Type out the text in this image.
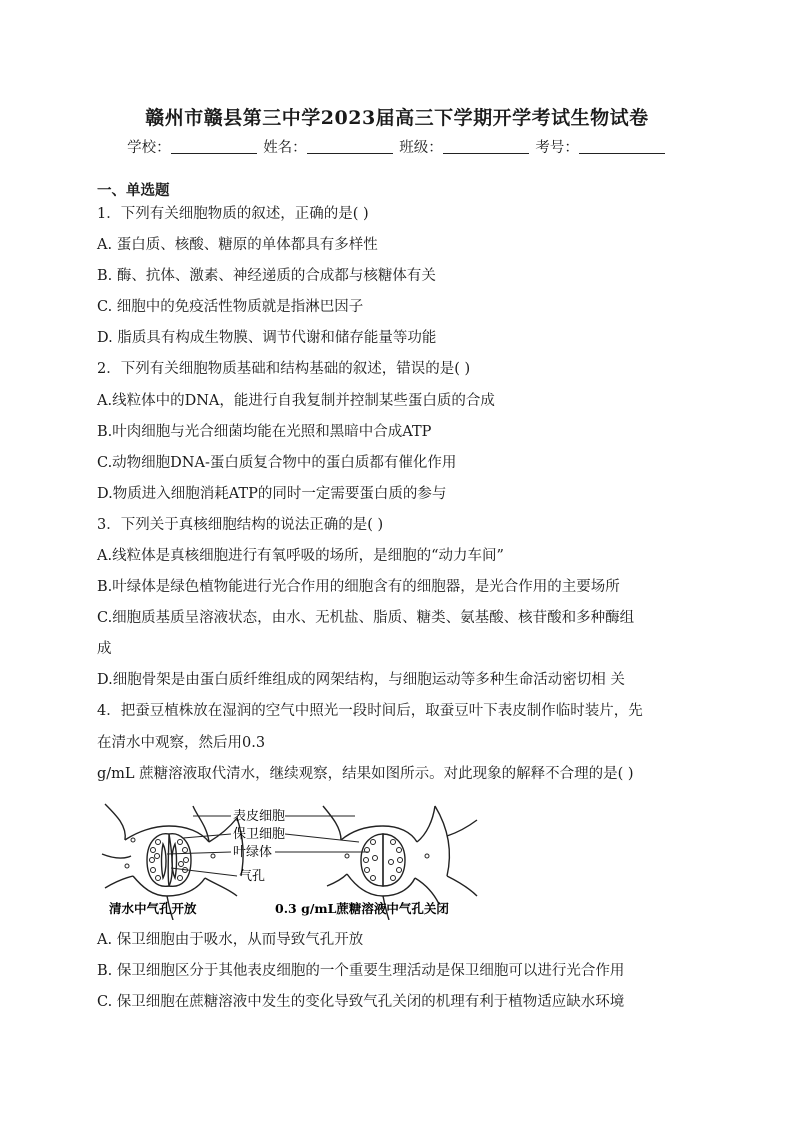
赣州市赣县第三中学2023届高三下学期开学考试生物试卷
学校：	姓名：	班级：	考号：
一、单选题
1．下列有关细胞物质的叙述，正确的是( )
A. 蛋白质、核酸、糖原的单体都具有多样性
B. 酶、抗体、激素、神经递质的合成都与核糖体有关
C. 细胞中的免疫活性物质就是指淋巴因子
D. 脂质具有构成生物膜、调节代谢和储存能量等功能
2．下列有关细胞物质基础和结构基础的叙述，错误的是( )
A.线粒体中的DNA，能进行自我复制并控制某些蛋白质的合成
B.叶肉细胞与光合细菌均能在光照和黑暗中合成ATP
C.动物细胞DNA-蛋白质复合物中的蛋白质都有催化作用
D.物质进入细胞消耗ATP的同时一定需要蛋白质的参与
3．下列关于真核细胞结构的说法正确的是( )
A.线粒体是真核细胞进行有氧呼吸的场所，是细胞的“动力车间”
B.叶绿体是绿色植物能进行光合作用的细胞含有的细胞器，是光合作用的主要场所
C.细胞质基质呈溶液状态，由水、无机盐、脂质、糖类、氨基酸、核苷酸和多种酶组
成
D.细胞骨架是由蛋白质纤维组成的网架结构，与细胞运动等多种生命活动密切相 关
4．把蚕豆植株放在湿润的空气中照光一段时间后，取蚕豆叶下表皮制作临时装片，先
在清水中观察，然后用0.3
g/mL 蔗糖溶液取代清水，继续观察，结果如图所示。对此现象的解释不合理的是( )
表皮细胞
保卫细胞
叶绿体
气孔
清水中气孔开放	0.3 g/mL蔗糖溶液中气孔关闭
A. 保卫细胞由于吸水，从而导致气孔开放
B. 保卫细胞区分于其他表皮细胞的一个重要生理活动是保卫细胞可以进行光合作用
C. 保卫细胞在蔗糖溶液中发生的变化导致气孔关闭的机理有利于植物适应缺水环境
